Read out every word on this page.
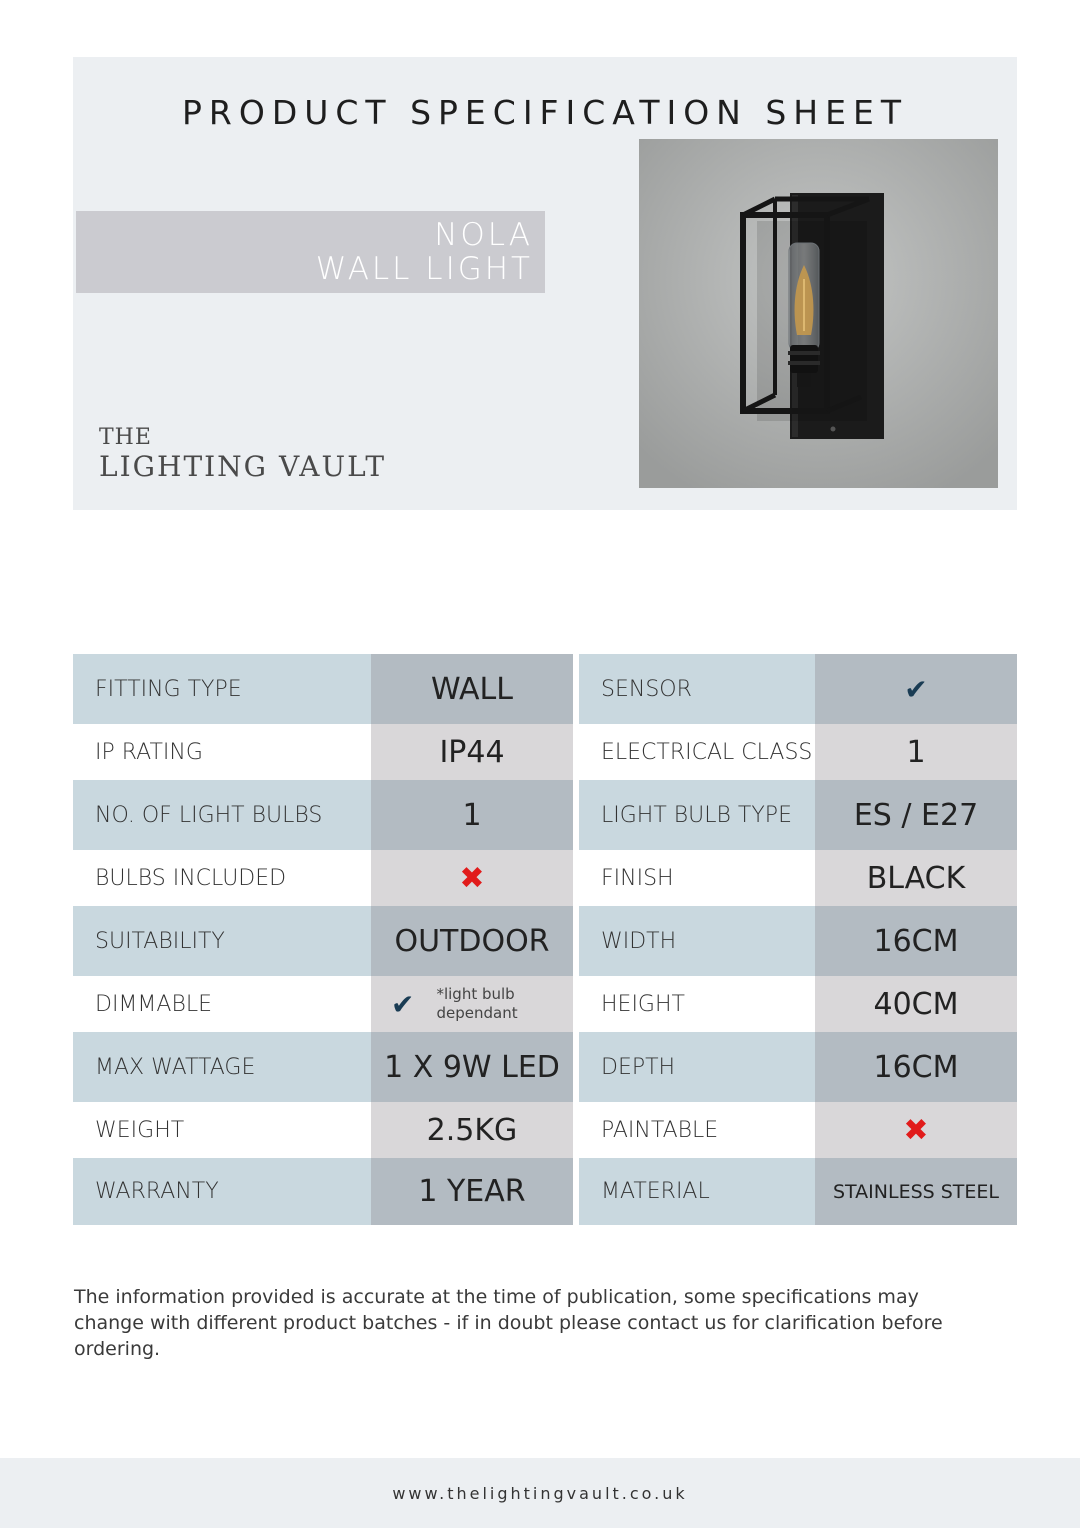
PRODUCT SPECIFICATION SHEET
NOLA
WALL LIGHT
THE
LIGHTING VAULT
FITTING TYPE	WALL
IP RATING	IP44
NO. OF LIGHT BULBS	1
BULBS INCLUDED	✖
SUITABILITY	OUTDOOR
DIMMABLE	✔ *light bulb dependant
MAX WATTAGE	1 X 9W LED
WEIGHT	2.5KG
WARRANTY	1 YEAR
SENSOR	✔
ELECTRICAL CLASS	1
LIGHT BULB TYPE	ES / E27
FINISH	BLACK
WIDTH	16CM
HEIGHT	40CM
DEPTH	16CM
PAINTABLE	✖
MATERIAL	STAINLESS STEEL
The information provided is accurate at the time of publication, some specifications may change with different product batches - if in doubt please contact us for clarification before ordering.
www.thelightingvault.co.uk
